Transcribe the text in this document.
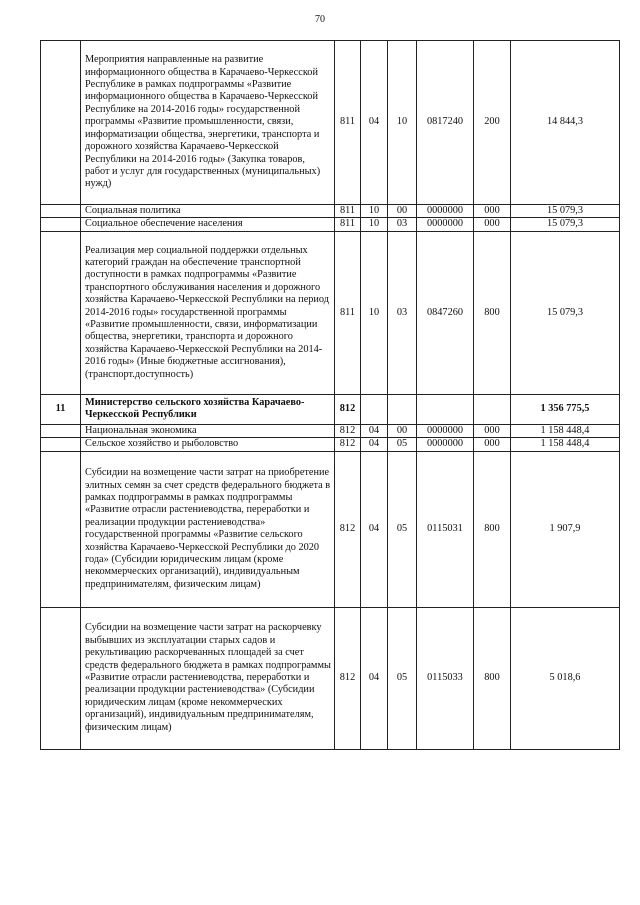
70
	Мероприятия направленные на развитие информационного общества в Карачаево-Черкесской Республике в рамках подпрограммы «Развитие информационного общества в Карачаево-Черкесской Республике на 2014-2016 годы» государственной программы «Развитие промышленности, связи, информатизации общества, энергетики, транспорта и дорожного хозяйства Карачаево-Черкесской Республики на 2014-2016 годы» (Закупка товаров, работ и услуг для государственных (муниципальных) нужд)	811	04	10	0817240	200	14 844,3
	Социальная политика	811	10	00	0000000	000	15 079,3
	Социальное обеспечение населения	811	10	03	0000000	000	15 079,3
	Реализация мер социальной поддержки отдельных категорий граждан на обеспечение транспортной доступности в рамках подпрограммы «Развитие транспортного обслуживания населения и дорожного хозяйства Карачаево-Черкесской Республики на период 2014-2016 годы» государственной программы «Развитие промышленности, связи, информатизации общества, энергетики, транспорта и дорожного хозяйства Карачаево-Черкесской Республики на 2014-2016 годы» (Иные бюджетные ассигнования), (транспорт.доступность)	811	10	03	0847260	800	15 079,3
11	Министерство сельского хозяйства Карачаево-Черкесской Республики	812					1 356 775,5
	Национальная экономика	812	04	00	0000000	000	1 158 448,4
	Сельское хозяйство и рыболовство	812	04	05	0000000	000	1 158 448,4
	Субсидии на возмещение части затрат на приобретение элитных семян за счет средств федерального бюджета в рамках подпрограммы в рамках подпрограммы «Развитие отрасли растениеводства, переработки и реализации продукции растениеводства» государственной программы «Развитие сельского хозяйства Карачаево-Черкесской Республики до 2020 года» (Субсидии юридическим лицам (кроме некоммерческих организаций), индивидуальным предпринимателям, физическим лицам)	812	04	05	0115031	800	1 907,9
	Субсидии на возмещение части затрат на раскорчевку выбывших из эксплуатации старых садов и рекультивацию раскорчеванных площадей за счет средств федерального бюджета в рамках подпрограммы «Развитие отрасли растениеводства, переработки и реализации продукции растениеводства» (Субсидии юридическим лицам (кроме некоммерческих организаций), индивидуальным предпринимателям, физическим лицам)	812	04	05	0115033	800	5 018,6
